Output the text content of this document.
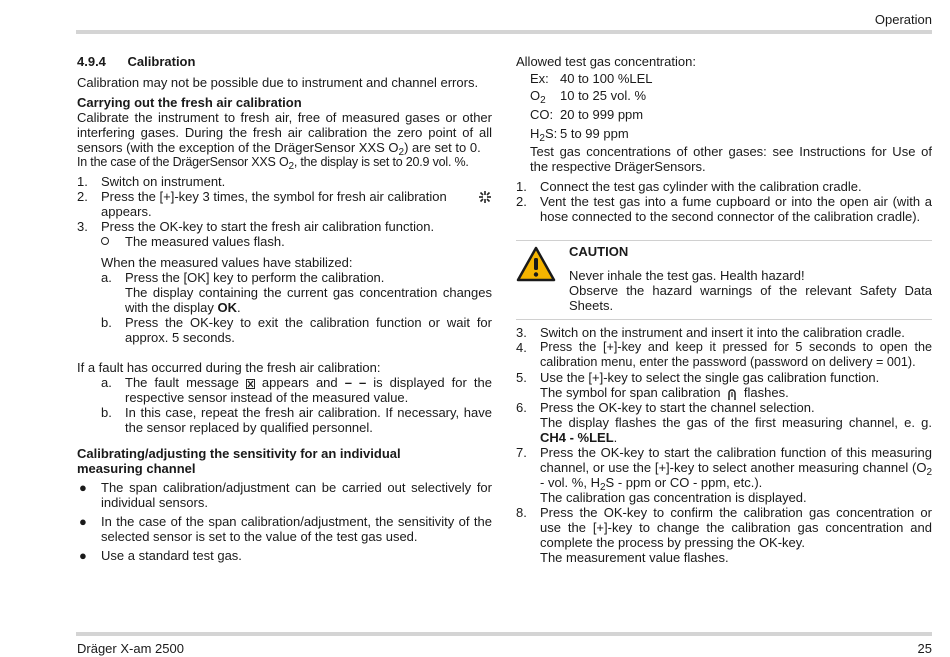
Operation
4.9.4 Calibration

Calibration may not be possible due to instrument and channel errors.

Carrying out the fresh air calibration

Calibrate the instrument to fresh air, free of measured gases or other interfering gases. During the fresh air calibration the zero point of all sensors (with the exception of the DrägerSensor XXS $O_2$) are set to 0.

In the case of the DrägerSensor XXS $O_2$, the display is set to 20.9 vol. %.

1. Switch on instrument.
2. Press the [+]-key 3 times, the symbol for fresh air calibration
appears.
3. Press the OK-key to start the fresh air calibration function.
The measured values flash.

When the measured values have stabilized:

a. Press the [OK] key to perform the calibration.
The display containing the current gas concentration changes with the display OK.
b. Press the OK-key to exit the calibration function or wait for approx. 5 seconds.

If a fault has occurred during the fresh air calibration:

a. The fault message appears and – – is displayed for the respective sensor instead of the measured value.
b. In this case, repeat the fresh air calibration. If necessary, have the sensor replaced by qualified personnel.

Calibrating/adjusting the sensitivity for an individual measuring channel

● The span calibration/adjustment can be carried out selectively for individual sensors.
● In the case of the span calibration/adjustment, the sensitivity of the selected sensor is set to the value of the test gas used.
● Use a standard test gas.

Allowed test gas concentration:

Ex: 40 to 100 %LEL
$O_2$ 10 to 25 vol. %
CO: 20 to 999 ppm
$H_2S$: 5 to 99 ppm

Test gas concentrations of other gases: see Instructions for Use of the respective DrägerSensors.

1. Connect the test gas cylinder with the calibration cradle.
2. Vent the test gas into a fume cupboard or into the open air (with a hose connected to the second connector of the calibration cradle).
CAUTION
Never inhale the test gas. Health hazard!
Observe the hazard warnings of the relevant Safety Data Sheets.
3. Switch on the instrument and insert it into the calibration cradle.
4. Press the [+]-key and keep it pressed for 5 seconds to open the calibration menu, enter the password (password on delivery = 001).
5. Use the [+]-key to select the single gas calibration function.
The symbol for span calibration flashes.
6. Press the OK-key to start the channel selection.
The display flashes the gas of the first measuring channel, e. g. CH4 - %LEL.
7. Press the OK-key to start the calibration function of this measuring channel, or use the [+]-key to select another measuring channel ($O_2$ - vol. %, $H_2S$ - ppm or CO - ppm, etc.).
The calibration gas concentration is displayed.
8. Press the OK-key to confirm the calibration gas concentration or use the [+]-key to change the calibration gas concentration and complete the process by pressing the OK-key.
The measurement value flashes.
Dräger X-am 2500	25
